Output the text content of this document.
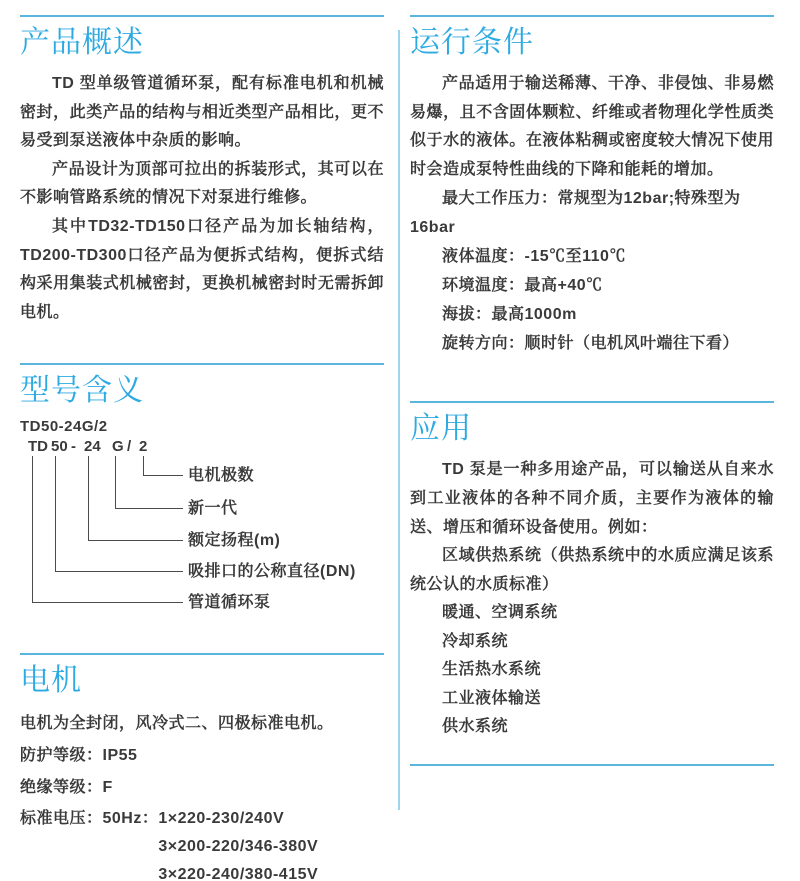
产品概述

TD 型单级管道循环泵，配有标准电机和机械密封，此类产品的结构与相近类型产品相比，更不易受到泵送液体中杂质的影响。

产品设计为顶部可拉出的拆装形式，其可以在不影响管路系统的情况下对泵进行维修。

其中TD32-TD150口径产品为加长轴结构，TD200-TD300口径产品为便拆式结构，便拆式结构采用集装式机械密封，更换机械密封时无需拆卸电机。

型号含义
TD50-24G/2
TD 50 - 24 G / 2
电机极数
新一代
额定扬程(m)
吸排口的公称直径(DN)
管道循环泵
电机

电机为全封闭，风冷式二、四极标准电机。

防护等级：IP55

绝缘等级：F

标准电压：50Hz： 1×220-230/240V
3×200-220/346-380V
3×220-240/380-415V
运行条件

产品适用于输送稀薄、干净、非侵蚀、非易燃易爆，且不含固体颗粒、纤维或者物理化学性质类似于水的液体。在液体粘稠或密度较大情况下使用时会造成泵特性曲线的下降和能耗的增加。

最大工作压力：常规型为12bar;特殊型为16bar

液体温度：-15℃至110℃

环境温度：最高+40℃

海拔：最高1000m

旋转方向：顺时针（电机风叶端往下看）

应用

TD 泵是一种多用途产品，可以输送从自来水到工业液体的各种不同介质，主要作为液体的输送、增压和循环设备使用。例如：

区域供热系统（供热系统中的水质应满足该系统公认的水质标准）

暖通、空调系统

冷却系统

生活热水系统

工业液体输送

供水系统
